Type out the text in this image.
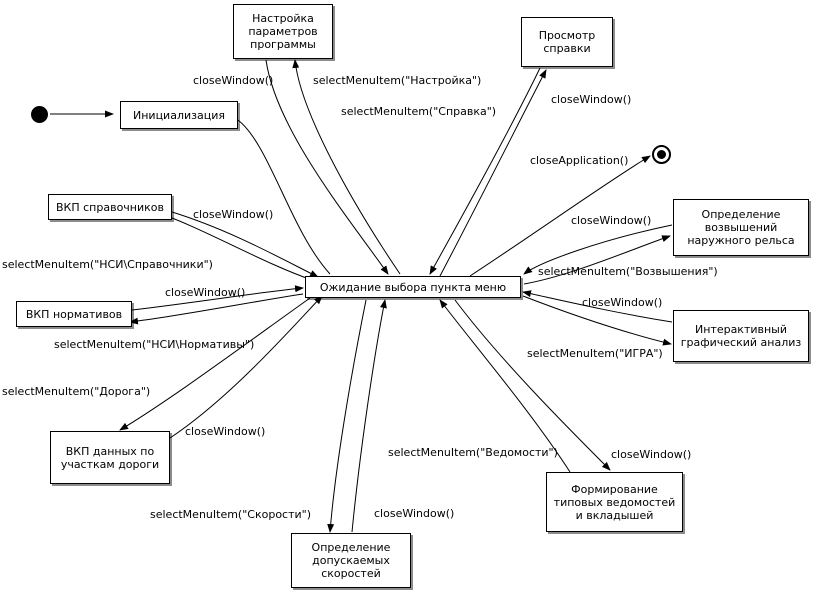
Инициализация
Настройка параметров программы
Просмотр справки
ВКП справочников
ВКП нормативов
ВКП данных по участкам дороги
Определение допускаемых скоростей
Формирование типовых ведомостей и вкладышей
Интерактивный графический анализ
Определение возвышений наружного рельса
Ожидание выбора пункта меню
closeWindow()	selectMenuItem("Настройка")
selectMenuItem("Справка")
closeWindow()
closeApplication()
closeWindow()	closeWindow()
selectMenuItem("НСИ\Справочники")
selectMenuItem("Возвышения")
closeWindow()
closeWindow()
selectMenuItem("НСИ\Нормативы")
selectMenuItem("ИГРА")
selectMenuItem("Дорога")
closeWindow()
selectMenuItem("Ведомости")	closeWindow()
selectMenuItem("Скорости")	closeWindow()
